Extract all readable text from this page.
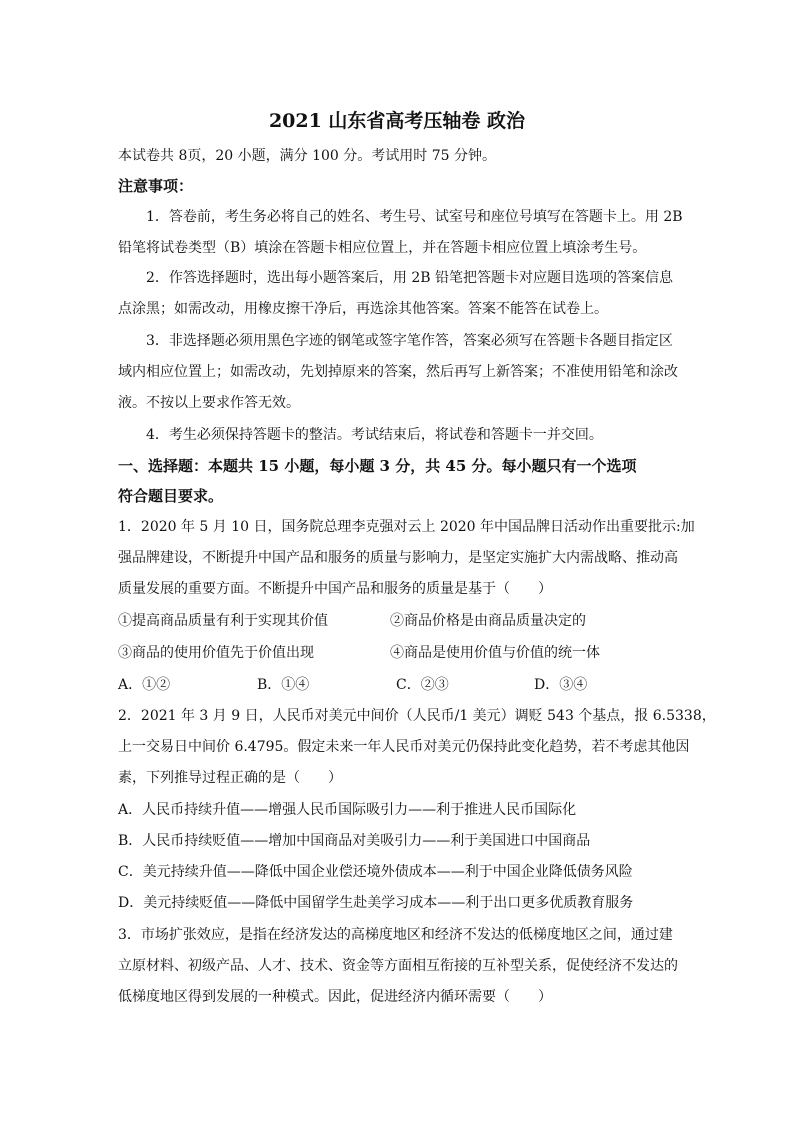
2021 山东省高考压轴卷 政治
本试卷共 8页，20 小题，满分 100 分。考试用时 75 分钟。
注意事项：
1．答卷前，考生务必将自己的姓名、考生号、试室号和座位号填写在答题卡上。用 2B
铅笔将试卷类型（B）填涂在答题卡相应位置上，并在答题卡相应位置上填涂考生号。
2．作答选择题时，选出每小题答案后，用 2B 铅笔把答题卡对应题目选项的答案信息
点涂黑；如需改动，用橡皮擦干净后，再选涂其他答案。答案不能答在试卷上。
3．非选择题必须用黑色字迹的钢笔或签字笔作答，答案必须写在答题卡各题目指定区
域内相应位置上；如需改动，先划掉原来的答案，然后再写上新答案；不准使用铅笔和涂改
液。不按以上要求作答无效。
4．考生必须保持答题卡的整洁。考试结束后，将试卷和答题卡一并交回。
一、选择题：本题共 15 小题，每小题 3 分，共 45 分。每小题只有一个选项
符合题目要求。
1．2020 年 5 月 10 日，国务院总理李克强对云上 2020 年中国品牌日活动作出重要批示:加
强品牌建设，不断提升中国产品和服务的质量与影响力，是坚定实施扩大内需战略、推动高
质量发展的重要方面。不断提升中国产品和服务的质量是基于（　　）
①提高商品质量有利于实现其价值	②商品价格是由商品质量决定的
③商品的使用价值先于价值出现	④商品是使用价值与价值的统一体
A．①②	B．①④	C．②③	D．③④
2．2021 年 3 月 9 日，人民币对美元中间价（人民币/1 美元）调贬 543 个基点，报 6.5338，
上一交易日中间价 6.4795。假定未来一年人民币对美元仍保持此变化趋势，若不考虑其他因
素，下列推导过程正确的是（　　）
A．人民币持续升值——增强人民币国际吸引力——利于推进人民币国际化
B．人民币持续贬值——增加中国商品对美吸引力——利于美国进口中国商品
C．美元持续升值——降低中国企业偿还境外债成本——利于中国企业降低债务风险
D．美元持续贬值——降低中国留学生赴美学习成本——利于出口更多优质教育服务
3．市场扩张效应，是指在经济发达的高梯度地区和经济不发达的低梯度地区之间，通过建
立原材料、初级产品、人才、技术、资金等方面相互衔接的互补型关系，促使经济不发达的
低梯度地区得到发展的一种模式。因此，促进经济内循环需要（　　）
